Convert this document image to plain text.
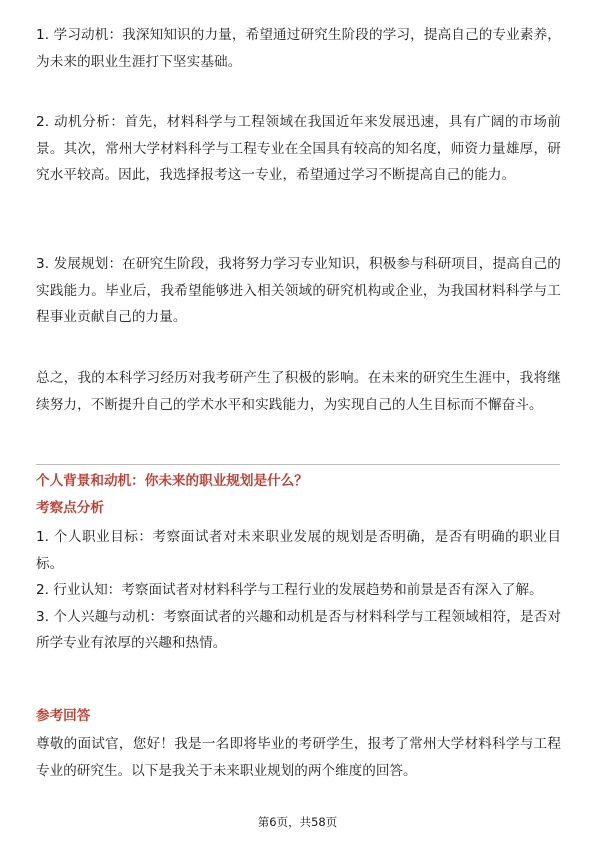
1. 学习动机：我深知知识的力量，希望通过研究生阶段的学习，提高自己的专业素养，为未来的职业生涯打下坚实基础。

2. 动机分析：首先，材料科学与工程领域在我国近年来发展迅速，具有广阔的市场前景。其次，常州大学材料科学与工程专业在全国具有较高的知名度，师资力量雄厚，研究水平较高。因此，我选择报考这一专业，希望通过学习不断提高自己的能力。

3. 发展规划：在研究生阶段，我将努力学习专业知识，积极参与科研项目，提高自己的实践能力。毕业后，我希望能够进入相关领域的研究机构或企业，为我国材料科学与工程事业贡献自己的力量。

总之，我的本科学习经历对我考研产生了积极的影响。在未来的研究生生涯中，我将继续努力，不断提升自己的学术水平和实践能力，为实现自己的人生目标而不懈奋斗。

个人背景和动机：你未来的职业规划是什么？
考察点分析
1. 个人职业目标：考察面试者对未来职业发展的规划是否明确，是否有明确的职业目标。
2. 行业认知：考察面试者对材料科学与工程行业的发展趋势和前景是否有深入了解。
3. 个人兴趣与动机：考察面试者的兴趣和动机是否与材料科学与工程领域相符，是否对所学专业有浓厚的兴趣和热情。
参考回答

尊敬的面试官，您好！我是一名即将毕业的考研学生，报考了常州大学材料科学与工程专业的研究生。以下是我关于未来职业规划的两个维度的回答。

第6页，共58页
